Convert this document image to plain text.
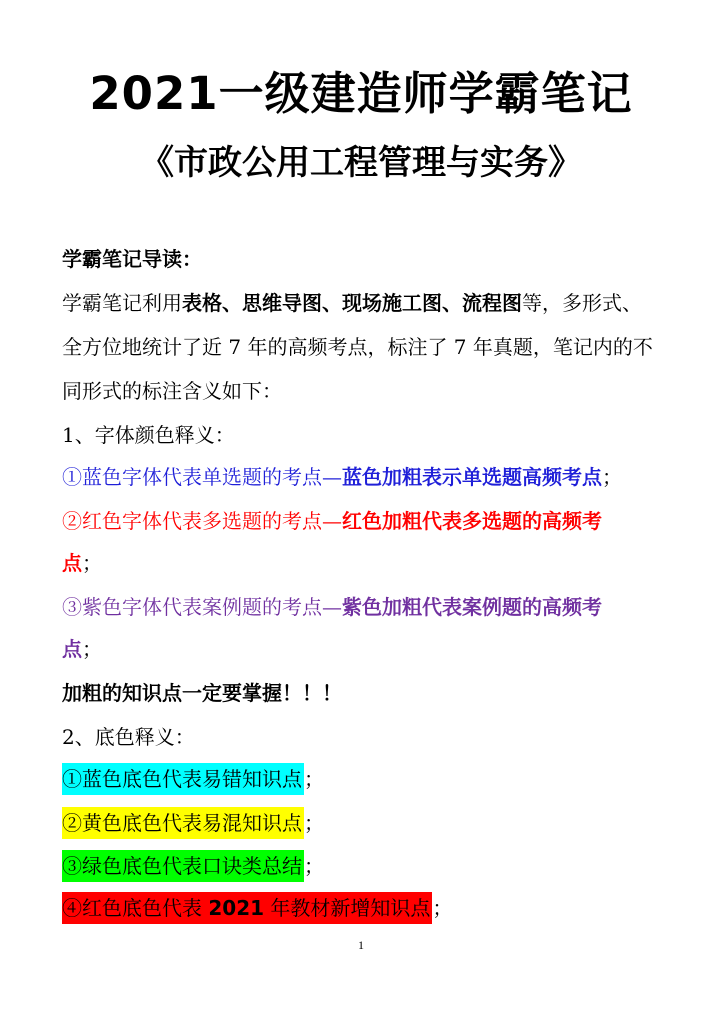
2021一级建造师学霸笔记
《市政公用工程管理与实务》
学霸笔记导读：
学霸笔记利用表格、思维导图、现场施工图、流程图等，多形式、
全方位地统计了近 7 年的高频考点，标注了 7 年真题，笔记内的不
同形式的标注含义如下：
1、字体颜色释义：
①蓝色字体代表单选题的考点—蓝色加粗表示单选题高频考点；
②红色字体代表多选题的考点—红色加粗代表多选题的高频考
点；
③紫色字体代表案例题的考点—紫色加粗代表案例题的高频考
点；
加粗的知识点一定要掌握！！！
2、底色释义：
①蓝色底色代表易错知识点 ；
②黄色底色代表易混知识点 ；
③绿色底色代表口诀类总结 ；
④红色底色代表 2021 年教材新增知识点 ；
1
